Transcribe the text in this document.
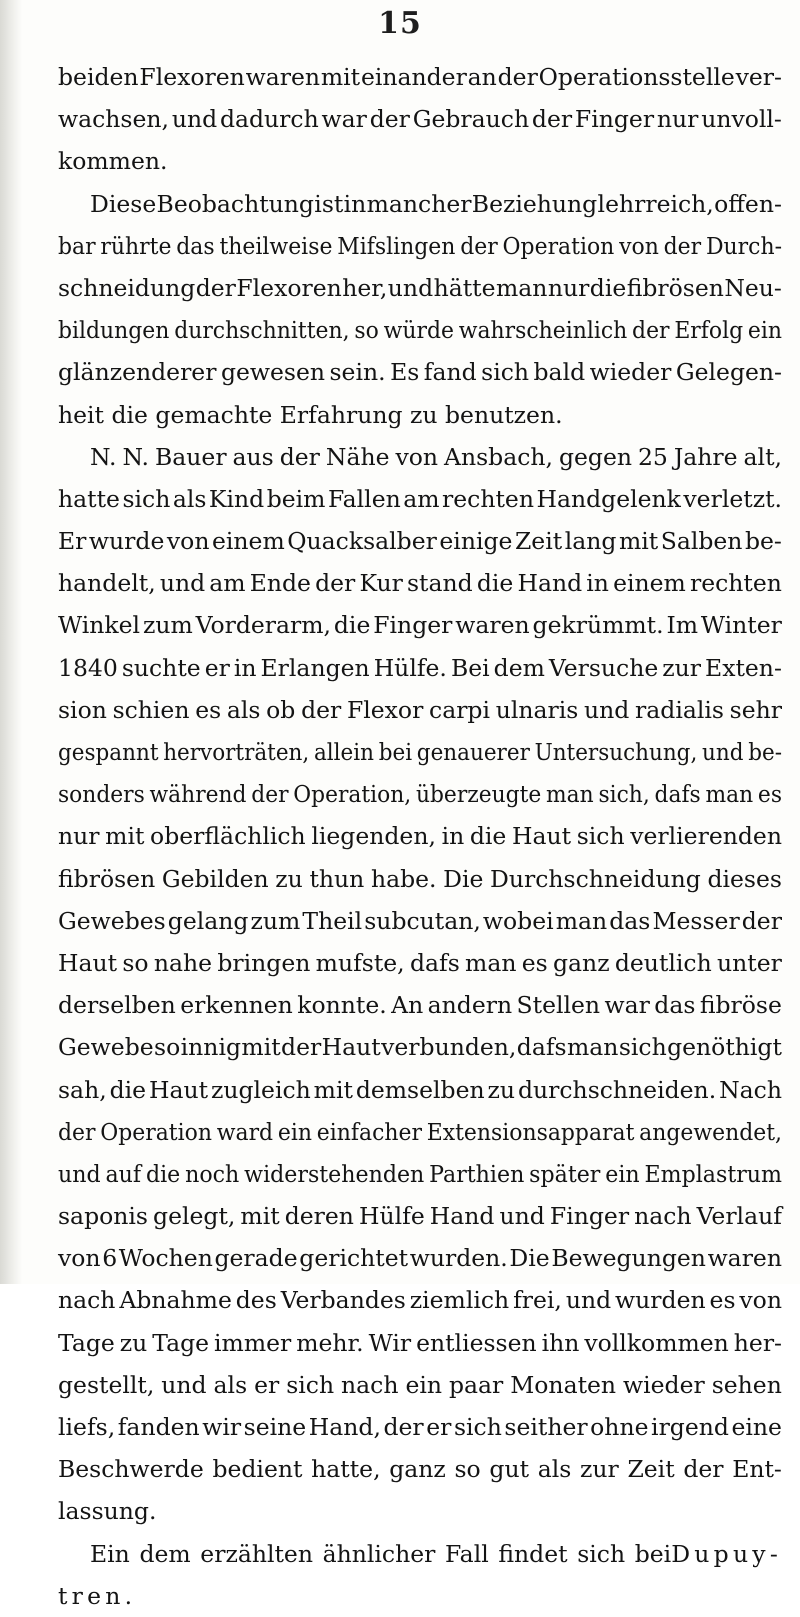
15
beiden Flexoren waren mit einander an der Operationsstelle ver-
wachsen, und dadurch war der Gebrauch der Finger nur unvoll-
kommen.
Diese Beobachtung ist in mancher Beziehung lehrreich, offen-
bar rührte das theilweise Mifslingen der Operation von der Durch-
schneidung der Flexoren her, und hätte man nur die fibrösen Neu-
bildungen durchschnitten, so würde wahrscheinlich der Erfolg ein
glänzenderer gewesen sein. Es fand sich bald wieder Gelegen-
heit die gemachte Erfahrung zu benutzen.
N. N. Bauer aus der Nähe von Ansbach, gegen 25 Jahre alt,
hatte sich als Kind beim Fallen am rechten Handgelenk verletzt.
Er wurde von einem Quacksalber einige Zeit lang mit Salben be-
handelt, und am Ende der Kur stand die Hand in einem rechten
Winkel zum Vorderarm, die Finger waren gekrümmt. Im Winter
1840 suchte er in Erlangen Hülfe. Bei dem Versuche zur Exten-
sion schien es als ob der Flexor carpi ulnaris und radialis sehr
gespannt hervorträten, allein bei genauerer Untersuchung, und be-
sonders während der Operation, überzeugte man sich, dafs man es
nur mit oberflächlich liegenden, in die Haut sich verlierenden
fibrösen Gebilden zu thun habe. Die Durchschneidung dieses
Gewebes gelang zum Theil subcutan, wobei man das Messer der
Haut so nahe bringen mufste, dafs man es ganz deutlich unter
derselben erkennen konnte. An andern Stellen war das fibröse
Gewebe so innig mit der Haut verbunden, dafs man sich genöthigt
sah, die Haut zugleich mit demselben zu durchschneiden. Nach
der Operation ward ein einfacher Extensionsapparat angewendet,
und auf die noch widerstehenden Parthien später ein Emplastrum
saponis gelegt, mit deren Hülfe Hand und Finger nach Verlauf
von 6 Wochen gerade gerichtet wurden. Die Bewegungen waren
nach Abnahme des Verbandes ziemlich frei, und wurden es von
Tage zu Tage immer mehr. Wir entliessen ihn vollkommen her-
gestellt, und als er sich nach ein paar Monaten wieder sehen
liefs, fanden wir seine Hand, der er sich seither ohne irgend eine
Beschwerde bedient hatte, ganz so gut als zur Zeit der Ent-
lassung.
Ein dem erzählten ähnlicher Fall findet sich bei Dupuy-
tren.
